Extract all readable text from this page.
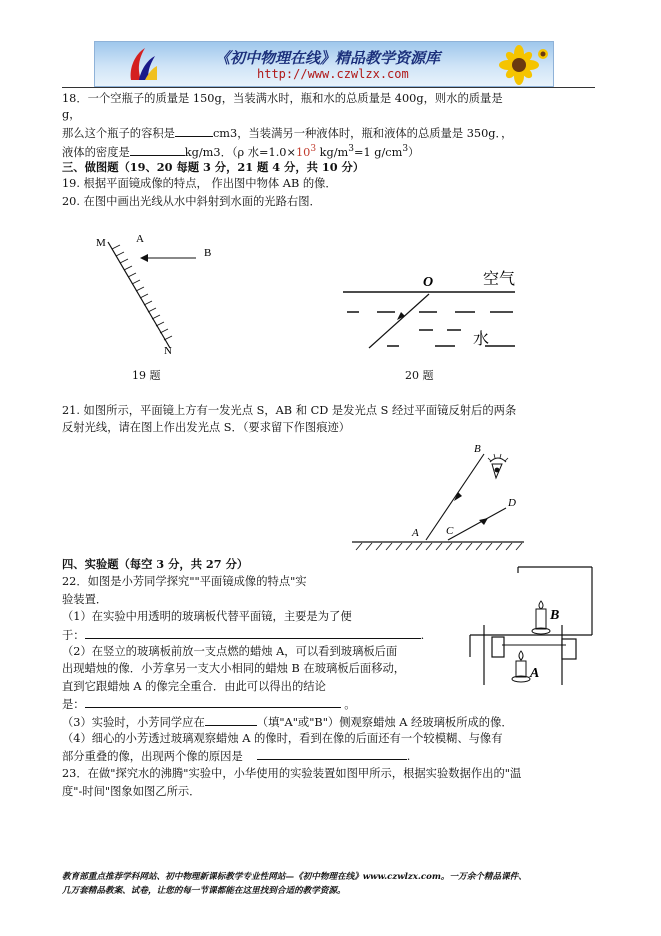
《初中物理在线》精品教学资源库
http://www.czwlzx.com
18．一个空瓶子的质量是 150g，当装满水时，瓶和水的总质量是 400g，则水的质量是
g，
那么这个瓶子的容积是	cm3，当装满另一种液体时，瓶和液体的总质量是 350g．，
液体的密度是	kg/m3．（ρ 水$=1.0\times 10^3$ $kg/m^3=1$ $g/cm^3$）
三、做图题（19、20 每题 3 分，21 题 4 分，共 10 分）
19. 根据平面镜成像的特点， 作出图中物体 AB 的像．
20. 在图中画出光线从水中斜射到水面的光路右图．
M	A
B
N
19 题
O	空气
水
20 题
21. 如图所示，平面镜上方有一发光点 S，AB 和 CD 是发光点 S 经过平面镜反射后的两条
反射光线，请在图上作出发光点 S．（要求留下作图痕迹）
A
B
C
D
四、实验题（每空 3 分，共 27 分）
22．如图是小芳同学探究""平面镜成像的特点"实
验装置．
（1）在实验中用透明的玻璃板代替平面镜，主要是为了便
于：	.
（2）在竖立的玻璃板前放一支点燃的蜡烛 A，可以看到玻璃板后面
出现蜡烛的像．小芳拿另一支大小相同的蜡烛 B 在玻璃板后面移动，
直到它跟蜡烛 A 的像完全重合．由此可以得出的结论
是：	。
（3）实验时，小芳同学应在	（填"A"或"B"）侧观察蜡烛 A 经玻璃板所成的像．
（4）细心的小芳透过玻璃观察蜡烛 A 的像时，看到在像的后面还有一个较模糊、与像有
部分重叠的像，出现两个像的原因是	.
B
A
23．在做"探究水的沸腾"实验中，小华使用的实验装置如图甲所示，根据实验数据作出的"温
度"-时间"图象如图乙所示．
教育部重点推荐学科网站、初中物理新课标教学专业性网站—《初中物理在线》www.czwlzx.com。一万余个精品课件、
几万套精品教案、试卷，让您的每一节课都能在这里找到合适的教学资源。
